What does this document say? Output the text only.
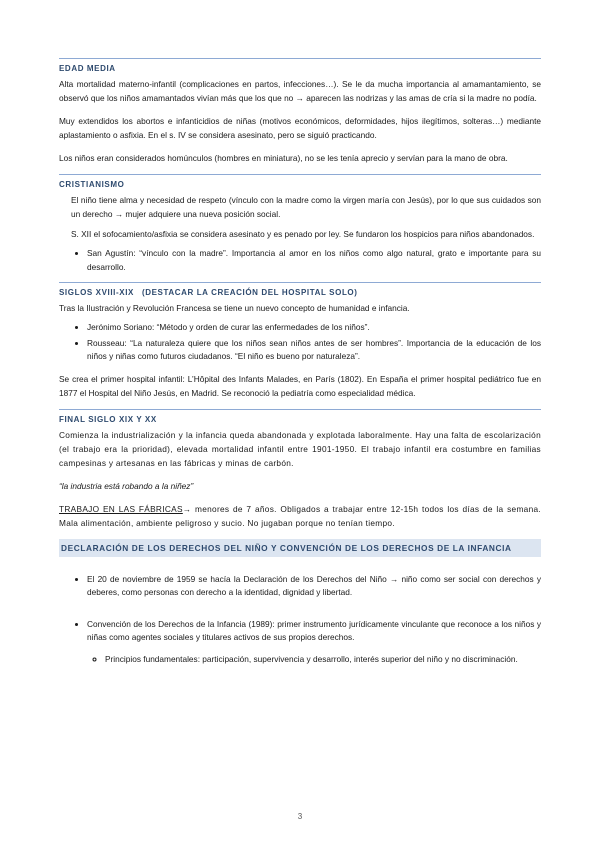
EDAD MEDIA

Alta mortalidad materno-infantil (complicaciones en partos, infecciones…). Se le da mucha importancia al amamantamiento, se observó que los niños amamantados vivían más que los que no → aparecen las nodrizas y las amas de cría si la madre no podía.

Muy extendidos los abortos e infanticidios de niñas (motivos económicos, deformidades, hijos ilegítimos, solteras…) mediante aplastamiento o asfixia. En el s. IV se considera asesinato, pero se siguió practicando.

Los niños eran considerados homúnculos (hombres en miniatura), no se les tenía aprecio y servían para la mano de obra.

CRISTIANISMO

El niño tiene alma y necesidad de respeto (vínculo con la madre como la virgen maría con Jesús), por lo que sus cuidados son un derecho → mujer adquiere una nueva posición social.

S. XII el sofocamiento/asfixia se considera asesinato y es penado por ley. Se fundaron los hospicios para niños abandonados.

• San Agustín: “vínculo con la madre”. Importancia al amor en los niños como algo natural, grato e importante para su desarrollo.
SIGLOS XVIII-XIX (DESTACAR LA CREACIÓN DEL HOSPITAL SOLO)

Tras la Ilustración y Revolución Francesa se tiene un nuevo concepto de humanidad e infancia.

• Jerónimo Soriano: “Método y orden de curar las enfermedades de los niños”.
• Rousseau: “La naturaleza quiere que los niños sean niños antes de ser hombres”. Importancia de la educación de los niños y niñas como futuros ciudadanos. “El niño es bueno por naturaleza”.

Se crea el primer hospital infantil: L’Hôpital des Infants Malades, en París (1802). En España el primer hospital pediátrico fue en 1877 el Hospital del Niño Jesús, en Madrid. Se reconoció la pediatría como especialidad médica.

FINAL SIGLO XIX Y XX

Comienza la industrialización y la infancia queda abandonada y explotada laboralmente. Hay una falta de escolarización (el trabajo era la prioridad), elevada mortalidad infantil entre 1901-1950. El trabajo infantil era costumbre en familias campesinas y artesanas en las fábricas y minas de carbón.

“la industria está robando a la niñez”

TRABAJO EN LAS FÁBRICAS→ menores de 7 años. Obligados a trabajar entre 12-15h todos los días de la semana. Mala alimentación, ambiente peligroso y sucio. No jugaban porque no tenían tiempo.

DECLARACIÓN DE LOS DERECHOS DEL NIÑO Y CONVENCIÓN DE LOS DERECHOS DE LA INFANCIA
• El 20 de noviembre de 1959 se hacía la Declaración de los Derechos del Niño → niño como ser social con derechos y deberes, como personas con derecho a la identidad, dignidad y libertad.
• Convención de los Derechos de la Infancia (1989): primer instrumento jurídicamente vinculante que reconoce a los niños y niñas como agentes sociales y titulares activos de sus propios derechos.
◦ Principios fundamentales: participación, supervivencia y desarrollo, interés superior del niño y no discriminación.
3
